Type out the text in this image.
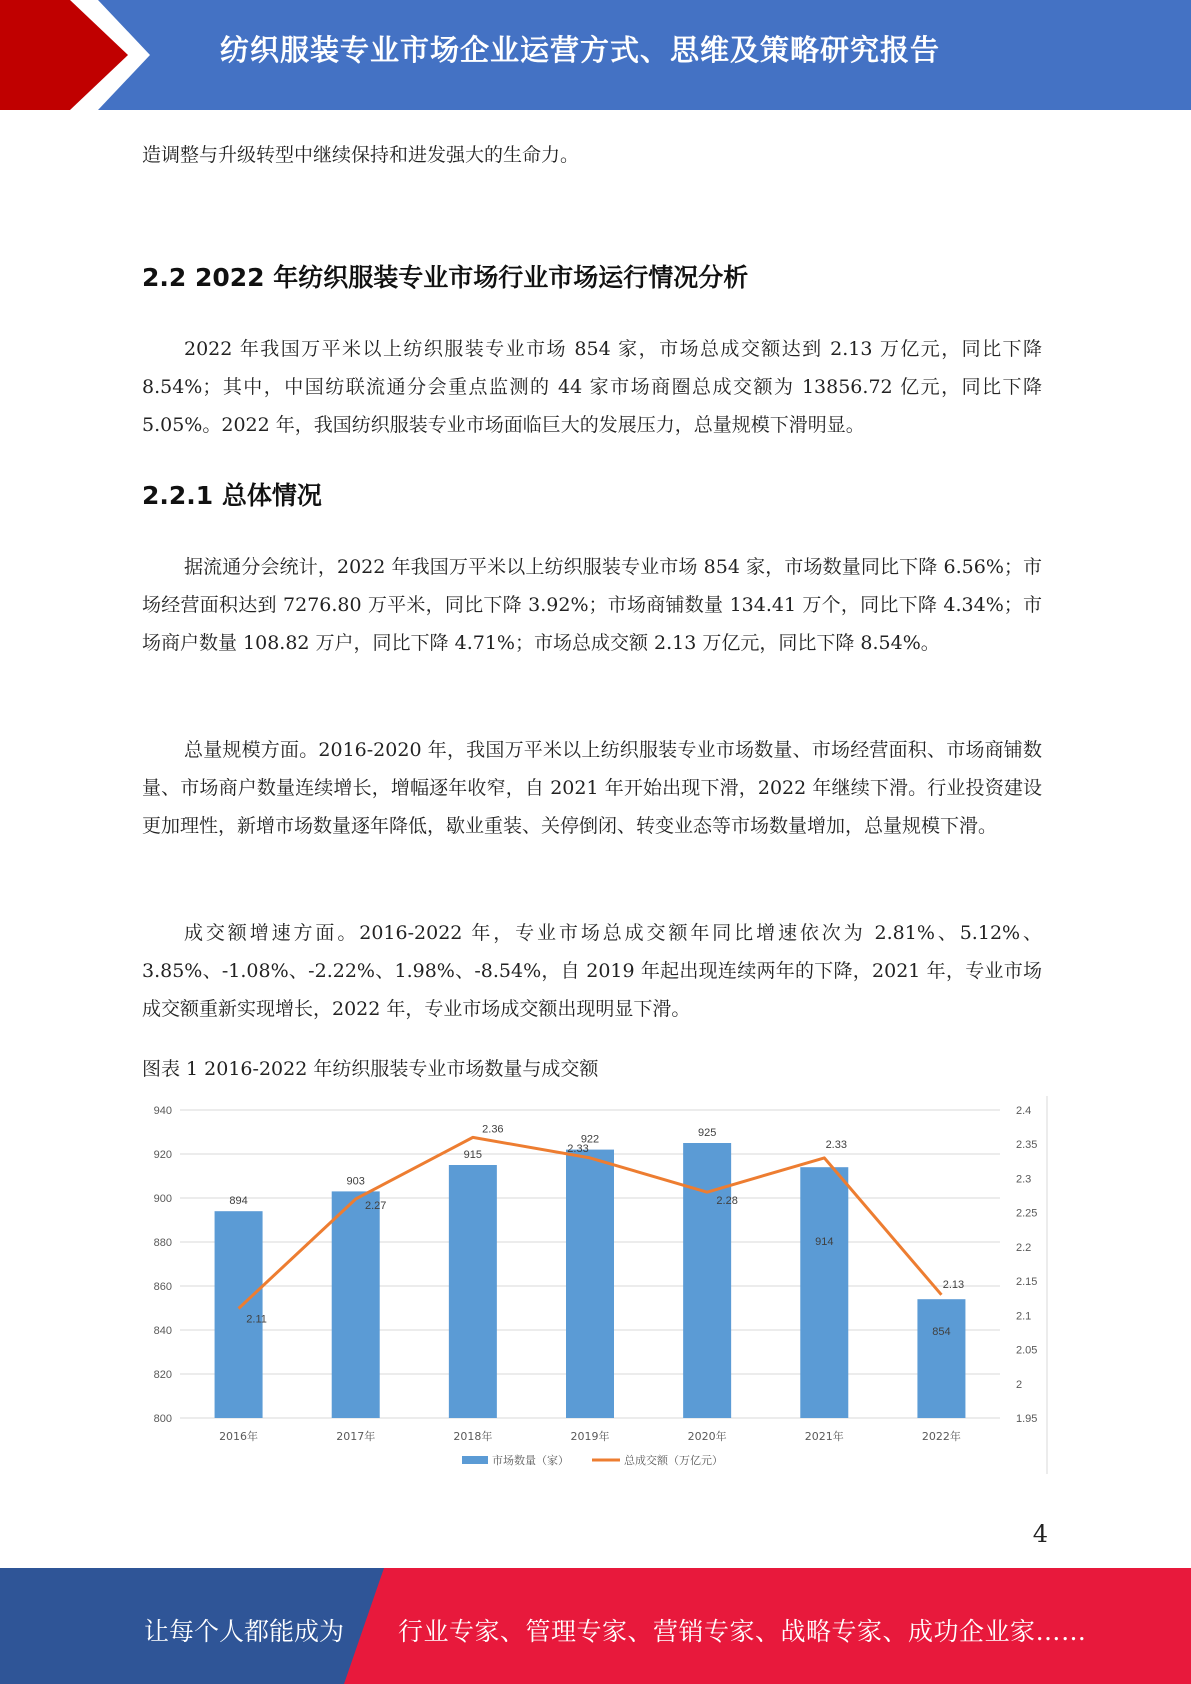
纺织服装专业市场企业运营方式、思维及策略研究报告

造调整与升级转型中继续保持和进发强大的生命力。

2.2 2022 年纺织服装专业市场行业市场运行情况分析

2022 年我国万平米以上纺织服装专业市场 854 家，市场总成交额达到 2.13 万亿元，同比下降 8.54%；其中，中国纺联流通分会重点监测的 44 家市场商圈总成交额为 13856.72 亿元，同比下降 5.05%。2022 年，我国纺织服装专业市场面临巨大的发展压力，总量规模下滑明显。

2.2.1 总体情况

据流通分会统计，2022 年我国万平米以上纺织服装专业市场 854 家，市场数量同比下降 6.56%；市场经营面积达到 7276.80 万平米，同比下降 3.92%；市场商铺数量 134.41 万个，同比下降 4.34%；市场商户数量 108.82 万户，同比下降 4.71%；市场总成交额 2.13 万亿元，同比下降 8.54%。

总量规模方面。2016-2020 年，我国万平米以上纺织服装专业市场数量、市场经营面积、市场商铺数量、市场商户数量连续增长，增幅逐年收窄，自 2021 年开始出现下滑，2022 年继续下滑。行业投资建设更加理性，新增市场数量逐年降低，歇业重装、关停倒闭、转变业态等市场数量增加，总量规模下滑。

成交额增速方面。2016-2022 年，专业市场总成交额年同比增速依次为 2.81%、5.12%、3.85%、-1.08%、-2.22%、1.98%、-8.54%，自 2019 年起出现连续两年的下降，2021 年，专业市场成交额重新实现增长，2022 年，专业市场成交额出现明显下滑。

图表 1 2016-2022 年纺织服装专业市场数量与成交额
940
920
900
880
860
840
820
800
2.4
2.35
2.3
2.25
2.2
2.15
2.1
2.05
2
1.95
894
903
915
922
925
914
854
2.11
2.27
2.36
2.33
2.28
2.33
2.13
2016年	2017年	2018年	2019年	2020年	2021年	2022年
市场数量（家）	总成交额（万亿元）
4
让每个人都能成为 行业专家、管理专家、营销专家、战略专家、成功企业家……
